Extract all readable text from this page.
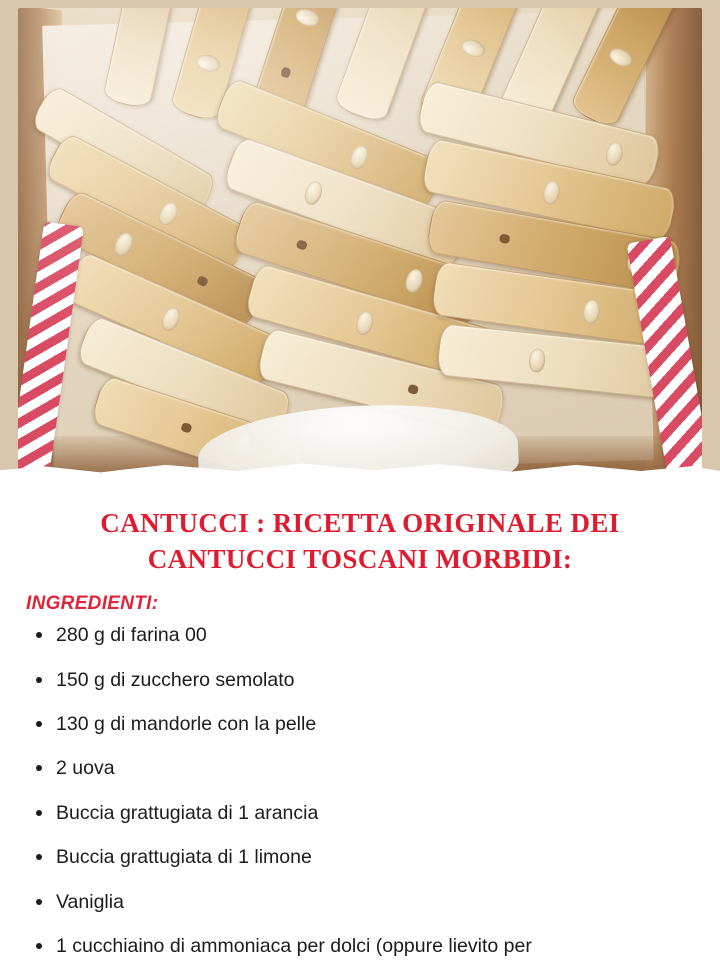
CANTUCCI : RICETTA ORIGINALE DEI
CANTUCCI TOSCANI MORBIDI:
INGREDIENTI:
280 g di farina 00
150 g di zucchero semolato
130 g di mandorle con la pelle
2 uova
Buccia grattugiata di 1 arancia
Buccia grattugiata di 1 limone
Vaniglia
1 cucchiaino di ammoniaca per dolci (oppure lievito per
